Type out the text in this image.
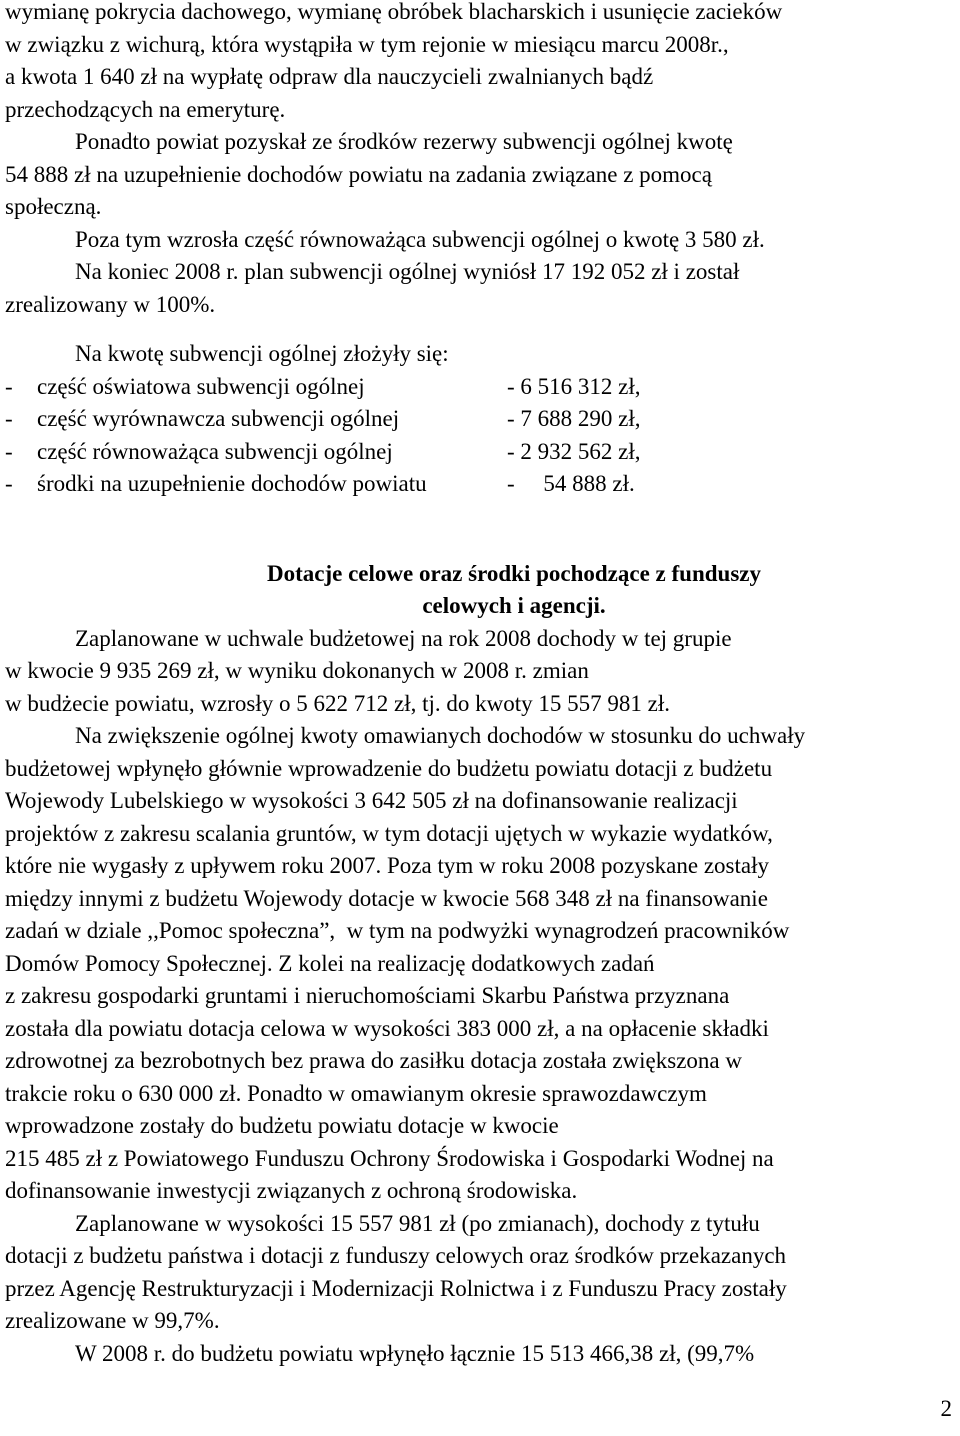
wymianę pokrycia dachowego, wymianę obróbek blacharskich i usunięcie zacieków
w związku z wichurą, która wystąpiła w tym rejonie w miesiącu marcu 2008r.,
a kwota 1 640 zł na wypłatę odpraw dla nauczycieli zwalnianych bądź
przechodzących na emeryturę.
Ponadto powiat pozyskał ze środków rezerwy subwencji ogólnej kwotę
54 888 zł na uzupełnienie dochodów powiatu na zadania związane z pomocą
społeczną.
Poza tym wzrosła część równoważąca subwencji ogólnej o kwotę 3 580 zł.
Na koniec 2008 r. plan subwencji ogólnej wyniósł 17 192 052 zł i został
zrealizowany w 100%.
Na kwotę subwencji ogólnej złożyły się:
-	część oświatowa subwencji ogólnej	- 6 516 312 zł,
-	część wyrównawcza subwencji ogólnej	- 7 688 290 zł,
-	część równoważąca subwencji ogólnej	- 2 932 562 zł,
-	środki na uzupełnienie dochodów powiatu	-     54 888 zł.
Dotacje celowe oraz środki pochodzące z funduszy
celowych i agencji.
Zaplanowane w uchwale budżetowej na rok 2008 dochody w tej grupie
w kwocie 9 935 269 zł, w wyniku dokonanych w 2008 r. zmian
w budżecie powiatu, wzrosły o 5 622 712 zł, tj. do kwoty 15 557 981 zł.
Na zwiększenie ogólnej kwoty omawianych dochodów w stosunku do uchwały
budżetowej wpłynęło głównie wprowadzenie do budżetu powiatu dotacji z budżetu
Wojewody Lubelskiego w wysokości 3 642 505 zł na dofinansowanie realizacji
projektów z zakresu scalania gruntów, w tym dotacji ujętych w wykazie wydatków,
które nie wygasły z upływem roku 2007. Poza tym w roku 2008 pozyskane zostały
między innymi z budżetu Wojewody dotacje w kwocie 568 348 zł na finansowanie
zadań w dziale ,,Pomoc społeczna”,  w tym na podwyżki wynagrodzeń pracowników
Domów Pomocy Społecznej. Z kolei na realizację dodatkowych zadań
z zakresu gospodarki gruntami i nieruchomościami Skarbu Państwa przyznana
została dla powiatu dotacja celowa w wysokości 383 000 zł, a na opłacenie składki
zdrowotnej za bezrobotnych bez prawa do zasiłku dotacja została zwiększona w
trakcie roku o 630 000 zł. Ponadto w omawianym okresie sprawozdawczym
wprowadzone zostały do budżetu powiatu dotacje w kwocie
215 485 zł z Powiatowego Funduszu Ochrony Środowiska i Gospodarki Wodnej na
dofinansowanie inwestycji związanych z ochroną środowiska.
Zaplanowane w wysokości 15 557 981 zł (po zmianach), dochody z tytułu
dotacji z budżetu państwa i dotacji z funduszy celowych oraz środków przekazanych
przez Agencję Restrukturyzacji i Modernizacji Rolnictwa i z Funduszu Pracy zostały
zrealizowane w 99,7%.
W 2008 r. do budżetu powiatu wpłynęło łącznie 15 513 466,38 zł, (99,7%
2
